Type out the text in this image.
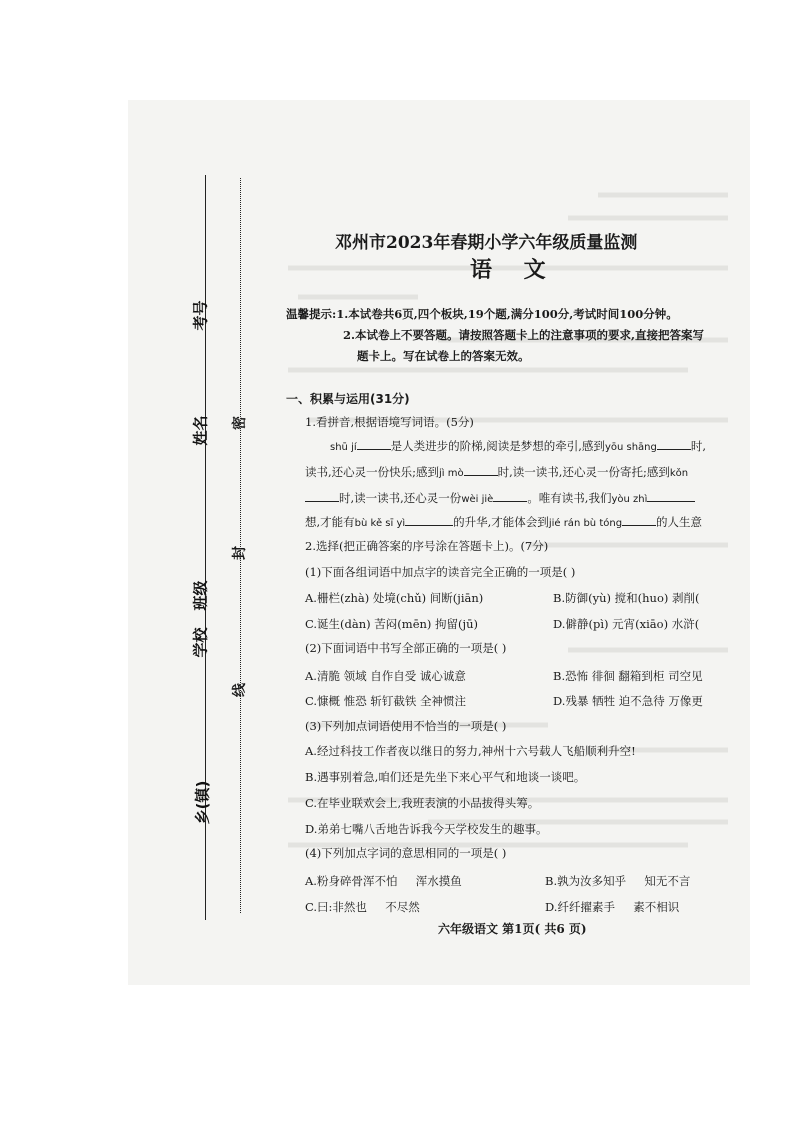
考号
姓名
班级
学校
乡(镇)
密
封
线
邓州市2023年春期小学六年级质量监测
语 文
温馨提示:1.本试卷共6页,四个板块,19个题,满分100分,考试时间100分钟。
2.本试卷上不要答题。请按照答题卡上的注意事项的要求,直接把答案写
题卡上。写在试卷上的答案无效。
一、积累与运用(31分)
1.看拼音,根据语境写词语。(5分)
shū jí	是人类进步的阶梯,阅读是梦想的牵引,感到yōu shāng	时,
读书,还心灵一份快乐;感到jì mò	时,读一读书,还心灵一份寄托;感到kǒn
时,读一读书,还心灵一份wèi jiè	。唯有读书,我们yòu zhì
想,才能有bù kě sī yì	的升华,才能体会到jié rán bù tóng	的人生意
2.选择(把正确答案的序号涂在答题卡上)。(7分)
(1)下面各组词语中加点字的读音完全正确的一项是( )
A.栅栏(zhà) 处境(chǔ) 间断(jiān)	B.防御(yù) 搅和(huo) 剥削(
C.诞生(dàn) 苦闷(mēn) 拘留(jū)	D.僻静(pì) 元宵(xiāo) 水浒(
(2)下面词语中书写全部正确的一项是( )
A.清脆 领域 自作自受 诚心诚意	B.恐怖 徘徊 翻箱到柜 司空见
C.慷概 惟恐 斩钉截铁 全神惯注	D.残暴 牺牲 迫不急待 万像更
(3)下列加点词语使用不恰当的一项是( )
A.经过科技工作者夜以继日的努力,神州十六号载人飞船顺利升空!
B.遇事别着急,咱们还是先坐下来心平气和地谈一谈吧。
C.在毕业联欢会上,我班表演的小品拔得头筹。
D.弟弟七嘴八舌地告诉我今天学校发生的趣事。
(4)下列加点字词的意思相同的一项是( )
A.粉身碎骨浑不怕 浑水摸鱼	B.孰为汝多知乎 知无不言
C.曰:非然也 不尽然	D.纤纤擢素手 素不相识
六年级语文 第1页( 共6 页)
